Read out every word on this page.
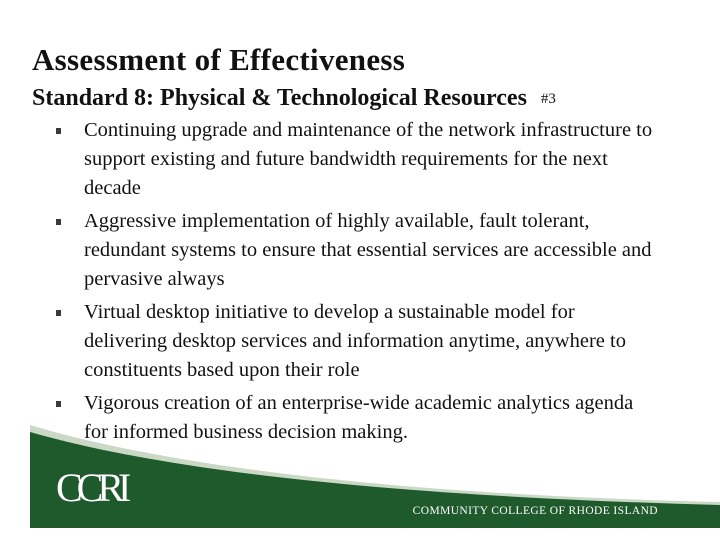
Assessment of Effectiveness
Standard 8: Physical & Technological Resources #3
Continuing upgrade and maintenance of the network infrastructure to support existing and future bandwidth requirements for the next decade
Aggressive implementation of highly available, fault tolerant, redundant systems to ensure that essential services are accessible and pervasive always
Virtual desktop initiative to develop a sustainable model for delivering desktop services and information anytime, anywhere to constituents based upon their role
Vigorous creation of an enterprise-wide academic analytics agenda for informed business decision making.
CCRI
COMMUNITY COLLEGE OF RHODE ISLAND
